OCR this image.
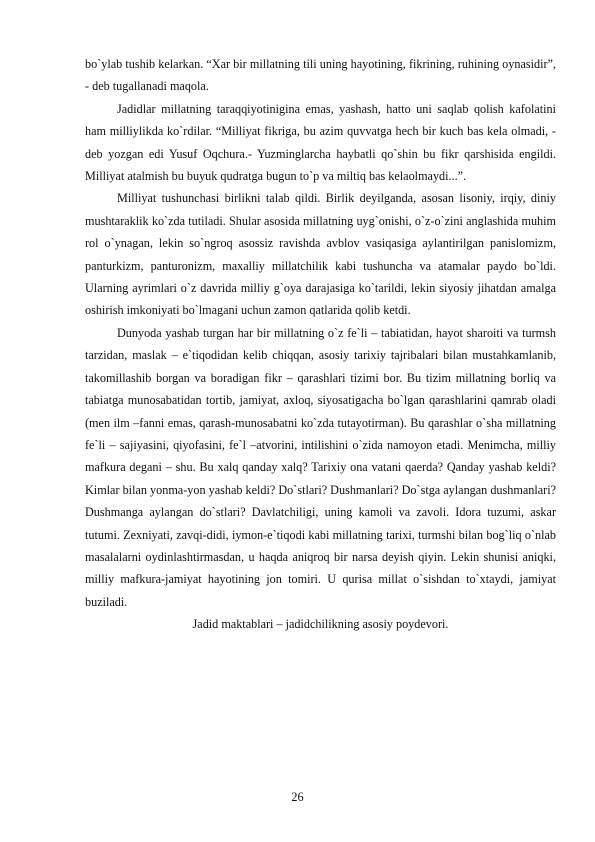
bo`ylab tushib kelarkan. “Xar bir millatning tili uning hayotining, fikrining, ruhining oynasidir”, - deb tugallanadi maqola.

Jadidlar millatning taraqqiyotinigina emas, yashash, hatto uni saqlab qolish kafolatini ham milliylikda ko`rdilar. “Milliyat fikriga, bu azim quvvatga hech bir kuch bas kela olmadi, - deb yozgan edi Yusuf Oqchura.- Yuzminglarcha haybatli qo`shin bu fikr qarshisida engildi. Milliyat atalmish bu buyuk qudratga bugun to`p va miltiq bas kelaolmaydi...”.

Milliyat tushunchasi birlikni talab qildi. Birlik deyilganda, asosan lisoniy, irqiy, diniy mushtaraklik ko`zda tutiladi. Shular asosida millatning uyg`onishi, o`z-o`zini anglashida muhim rol o`ynagan, lekin so`ngroq asossiz ravishda avblov vasiqasiga aylantirilgan panislomizm, panturkizm, panturonizm, maxalliy millatchilik kabi tushuncha va atamalar paydo bo`ldi. Ularning ayrimlari o`z davrida milliy g`oya darajasiga ko`tarildi, lekin siyosiy jihatdan amalga oshirish imkoniyati bo`lmagani uchun zamon qatlarida qolib ketdi.

Dunyoda yashab turgan har bir millatning o`z fe`li – tabiatidan, hayot sharoiti va turmsh tarzidan, maslak – e`tiqodidan kelib chiqqan, asosiy tarixiy tajribalari bilan mustahkamlanib, takomillashib borgan va boradigan fikr – qarashlari tizimi bor. Bu tizim millatning borliq va tabiatga munosabatidan tortib, jamiyat, axloq, siyosatigacha bo`lgan qarashlarini qamrab oladi (men ilm –fanni emas, qarash-munosabatni ko`zda tutayotirman). Bu qarashlar o`sha millatning fe`li – sajiyasini, qiyofasini, fe`l –atvorini, intilishini o`zida namoyon etadi. Menimcha, milliy mafkura degani – shu. Bu xalq qanday xalq? Tarixiy ona vatani qaerda? Qanday yashab keldi? Kimlar bilan yonma-yon yashab keldi? Do`stlari? Dushmanlari? Do`stga aylangan dushmanlari? Dushmanga aylangan do`stlari? Davlatchiligi, uning kamoli va zavoli. Idora tuzumi, askar tutumi. Zexniyati, zavqi-didi, iymon-e`tiqodi kabi millatning tarixi, turmshi bilan bog`liq o`nlab masalalarni oydinlashtirmasdan, u haqda aniqroq bir narsa deyish qiyin. Lekin shunisi aniqki, milliy mafkura-jamiyat hayotining jon tomiri. U qurisa millat o`sishdan to`xtaydi, jamiyat buziladi.

Jadid maktablari – jadidchilikning asosiy poydevori.

26
